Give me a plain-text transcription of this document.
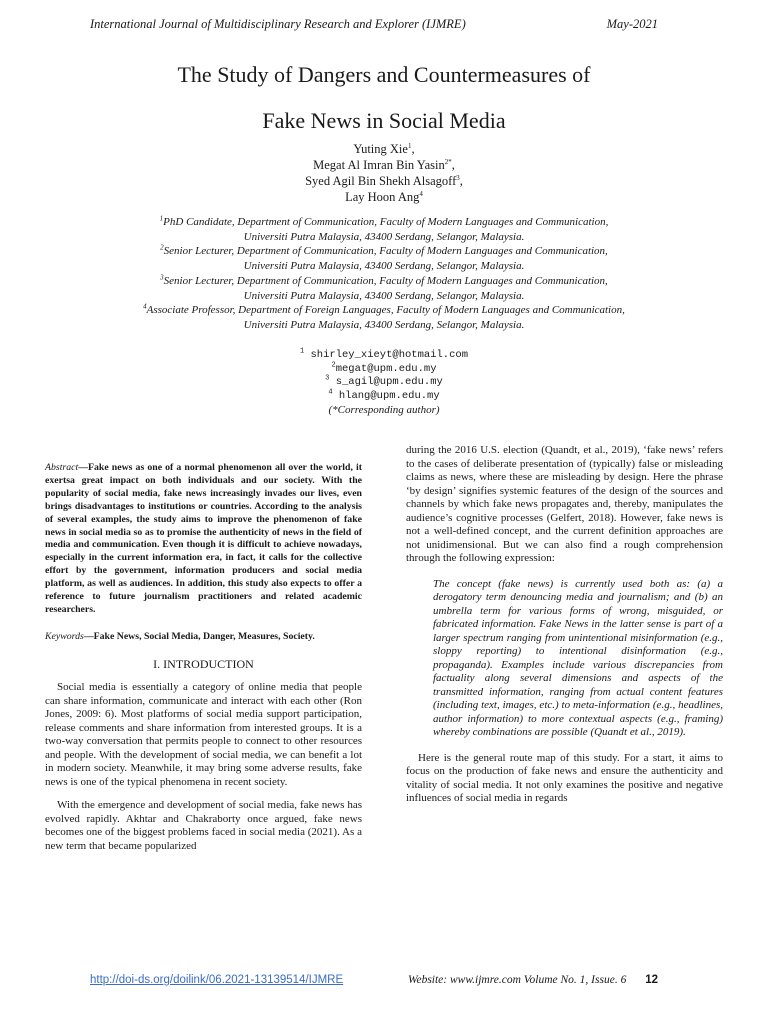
International Journal of Multidisciplinary Research and Explorer (IJMRE)	May-2021
The Study of Dangers and Countermeasures of
Fake News in Social Media
Yuting Xie$^1$,
Megat Al Imran Bin Yasin$^{2*}$,
Syed Agil Bin Shekh Alsagoff$^3$,
Lay Hoon Ang$^4$
$^1$PhD Candidate, Department of Communication, Faculty of Modern Languages and Communication,
Universiti Putra Malaysia, 43400 Serdang, Selangor, Malaysia.
$^2$Senior Lecturer, Department of Communication, Faculty of Modern Languages and Communication,
Universiti Putra Malaysia, 43400 Serdang, Selangor, Malaysia.
$^3$Senior Lecturer, Department of Communication, Faculty of Modern Languages and Communication,
Universiti Putra Malaysia, 43400 Serdang, Selangor, Malaysia.
$^4$Associate Professor, Department of Foreign Languages, Faculty of Modern Languages and Communication,
Universiti Putra Malaysia, 43400 Serdang, Selangor, Malaysia.
$^1$ shirley_xieyt@hotmail.com
$^2$megat@upm.edu.my
$^3$ s_agil@upm.edu.my
$^4$ hlang@upm.edu.my
(*Corresponding author)

Abstract—Fake news as one of a normal phenomenon all over the world, it exertsa great impact on both individuals and our society. With the popularity of social media, fake news increasingly invades our lives, even brings disadvantages to institutions or countries. According to the analysis of several examples, the study aims to improve the phenomenon of fake news in social media so as to promise the authenticity of news in the field of media and communication. Even though it is difficult to achieve nowadays, especially in the current information era, in fact, it calls for the collective effort by the government, information producers and social media platform, as well as audiences. In addition, this study also expects to offer a reference to future journalism practitioners and related academic researchers.

Keywords—Fake News, Social Media, Danger, Measures, Society.

I. INTRODUCTION

Social media is essentially a category of online media that people can share information, communicate and interact with each other (Ron Jones, 2009: 6). Most platforms of social media support participation, release comments and share information from interested groups. It is a two-way conversation that permits people to connect to other resources and people. With the development of social media, we can benefit a lot in modern society. Meanwhile, it may bring some adverse results, fake news is one of the typical phenomena in recent society.

With the emergence and development of social media, fake news has evolved rapidly. Akhtar and Chakraborty once argued, fake news becomes one of the biggest problems faced in social media (2021). As a new term that became popularized

during the 2016 U.S. election (Quandt, et al., 2019), ‘fake news’ refers to the cases of deliberate presentation of (typically) false or misleading claims as news, where these are misleading by design. Here the phrase ‘by design’ signifies systemic features of the design of the sources and channels by which fake news propagates and, thereby, manipulates the audience’s cognitive processes (Gelfert, 2018). However, fake news is not a well-defined concept, and the current definition approaches are not unidimensional. But we can also find a rough comprehension through the following expression:

The concept (fake news) is currently used both as: (a) a derogatory term denouncing media and journalism; and (b) an umbrella term for various forms of wrong, misguided, or fabricated information. Fake News in the latter sense is part of a larger spectrum ranging from unintentional misinformation (e.g., sloppy reporting) to intentional disinformation (e.g., propaganda). Examples include various discrepancies from factuality along several dimensions and aspects of the transmitted information, ranging from actual content features (including text, images, etc.) to meta-information (e.g., headlines, author information) to more contextual aspects (e.g., framing) whereby combinations are possible (Quandt et al., 2019).

Here is the general route map of this study. For a start, it aims to focus on the production of fake news and ensure the authenticity and vitality of social media. It not only examines the positive and negative influences of social media in regards

http://doi-ds.org/doilink/06.2021-13139514/IJMRE	Website: www.ijmre.com Volume No. 1, Issue. 6 12
